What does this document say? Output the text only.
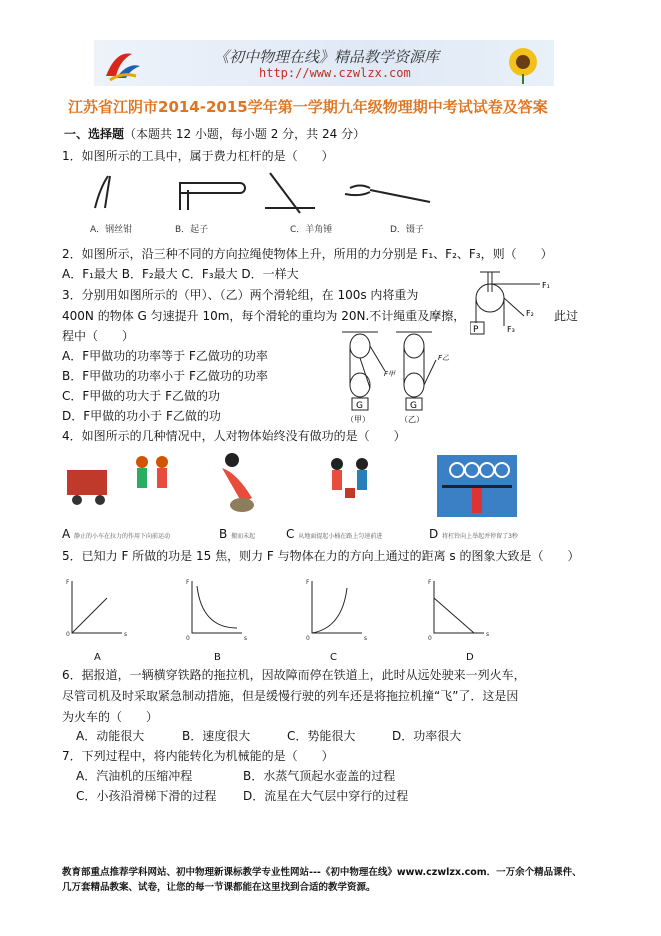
《初中物理在线》精品教学资源库
http://www.czwlzx.com
江苏省江阴市2014-2015学年第一学期九年级物理期中考试试卷及答案
一、选择题（本题共 12 小题，每小题 2 分，共 24 分）
1．如图所示的工具中，属于费力杠杆的是（　　）
A．钢丝钳	B．起子	C．羊角锤	D．镊子
2．如图所示，沿三种不同的方向拉绳使物体上升，所用的力分别是 F₁、F₂、F₃，则（　　）
A．F₁最大 B．F₂最大 C．F₃最大 D．一样大
F₁
F₂
F₃
P
3．分别用如图所示的（甲）、（乙）两个滑轮组，在 100s 内将重为
400N 的物体 G 匀速提升 10m，每个滑轮的重均为 20N.不计绳重及摩擦，	此过
程中（　　）
A．F甲做功的功率等于 F乙做功的功率
B．F甲做功的功率小于 F乙做功的功率
C．F甲做的功大于 F乙做的功
D．F甲做的功小于 F乙做的功
G	G
（甲）	（乙）
F甲
F乙
4．如图所示的几种情况中，人对物体始终没有做功的是（　　）
A 静止的小车在拉力的作用下向前运动	B 搬而未起	C 从地面提起小桶在路上匀速前进	D 将杠铃向上举起并停留了3秒
5．已知力 F 所做的功是 15 焦，则力 F 与物体在力的方向上通过的距离 s 的图象大致是（　　）
F
s
0
F
s
0
F
s
0
F
s
0
A	B	C	D
6．据报道，一辆横穿铁路的拖拉机，因故障而停在铁道上，此时从远处驶来一列火车，
尽管司机及时采取紧急制动措施，但是缓慢行驶的列车还是将拖拉机撞“飞”了．这是因
为火车的（　　）
A．动能很大	B．速度很大	C．势能很大	D．功率很大
7．下列过程中，将内能转化为机械能的是（　　）
A．汽油机的压缩冲程	B．水蒸气顶起水壶盖的过程
C．小孩沿滑梯下滑的过程 D．流星在大气层中穿行的过程
教育部重点推荐学科网站、初中物理新课标教学专业性网站---《初中物理在线》www.czwlzx.com．一万余个精品课件、
几万套精品教案、试卷，让您的每一节课都能在这里找到合适的教学资源。
